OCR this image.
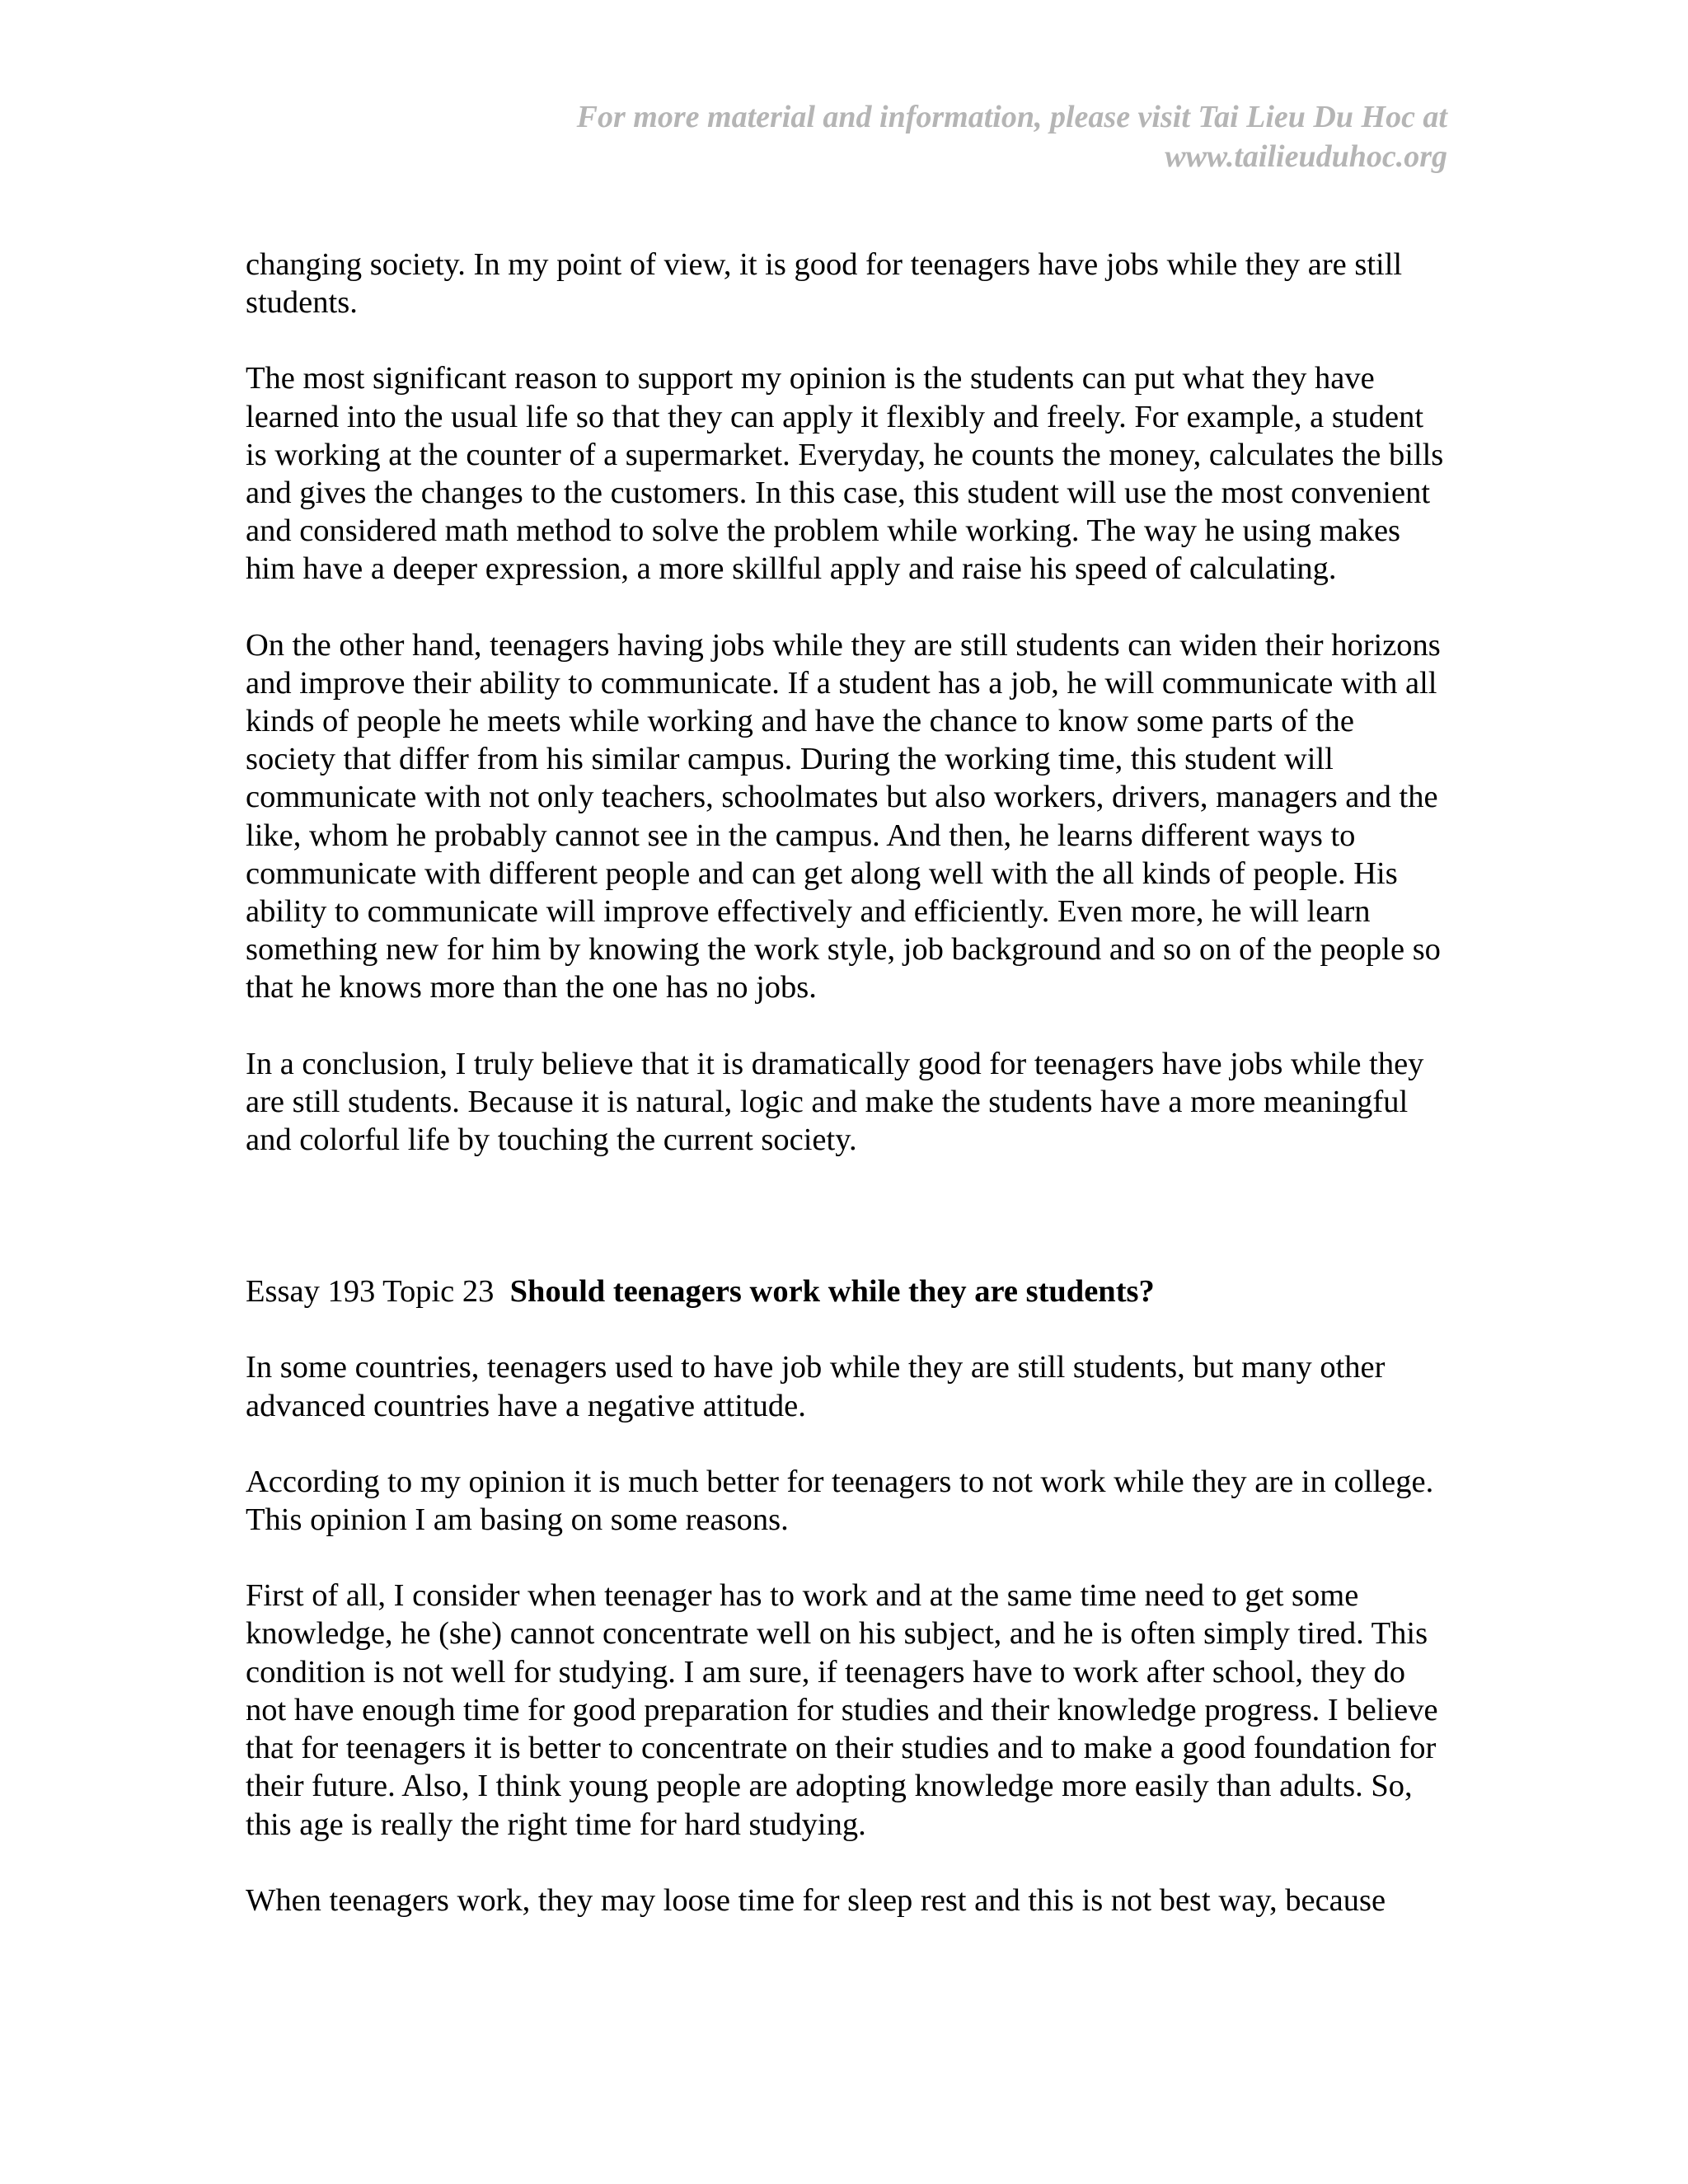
For more material and information, please visit Tai Lieu Du Hoc at
www.tailieuduhoc.org

changing society. In my point of view, it is good for teenagers have jobs while they are still students.

The most significant reason to support my opinion is the students can put what they have learned into the usual life so that they can apply it flexibly and freely. For example, a student is working at the counter of a supermarket. Everyday, he counts the money, calculates the bills and gives the changes to the customers. In this case, this student will use the most convenient and considered math method to solve the problem while working. The way he using makes him have a deeper expression, a more skillful apply and raise his speed of calculating.

On the other hand, teenagers having jobs while they are still students can widen their horizons and improve their ability to communicate. If a student has a job, he will communicate with all kinds of people he meets while working and have the chance to know some parts of the society that differ from his similar campus. During the working time, this student will communicate with not only teachers, schoolmates but also workers, drivers, managers and the like, whom he probably cannot see in the campus. And then, he learns different ways to communicate with different people and can get along well with the all kinds of people. His ability to communicate will improve effectively and efficiently. Even more, he will learn something new for him by knowing the work style, job background and so on of the people so that he knows more than the one has no jobs.

In a conclusion, I truly believe that it is dramatically good for teenagers have jobs while they are still students. Because it is natural, logic and make the students have a more meaningful and colorful life by touching the current society.

Essay 193 Topic 23 Should teenagers work while they are students?

In some countries, teenagers used to have job while they are still students, but many other advanced countries have a negative attitude.

According to my opinion it is much better for teenagers to not work while they are in college. This opinion I am basing on some reasons.

First of all, I consider when teenager has to work and at the same time need to get some knowledge, he (she) cannot concentrate well on his subject, and he is often simply tired. This condition is not well for studying. I am sure, if teenagers have to work after school, they do not have enough time for good preparation for studies and their knowledge progress. I believe that for teenagers it is better to concentrate on their studies and to make a good foundation for their future. Also, I think young people are adopting knowledge more easily than adults. So, this age is really the right time for hard studying.

When teenagers work, they may loose time for sleep rest and this is not best way, because
